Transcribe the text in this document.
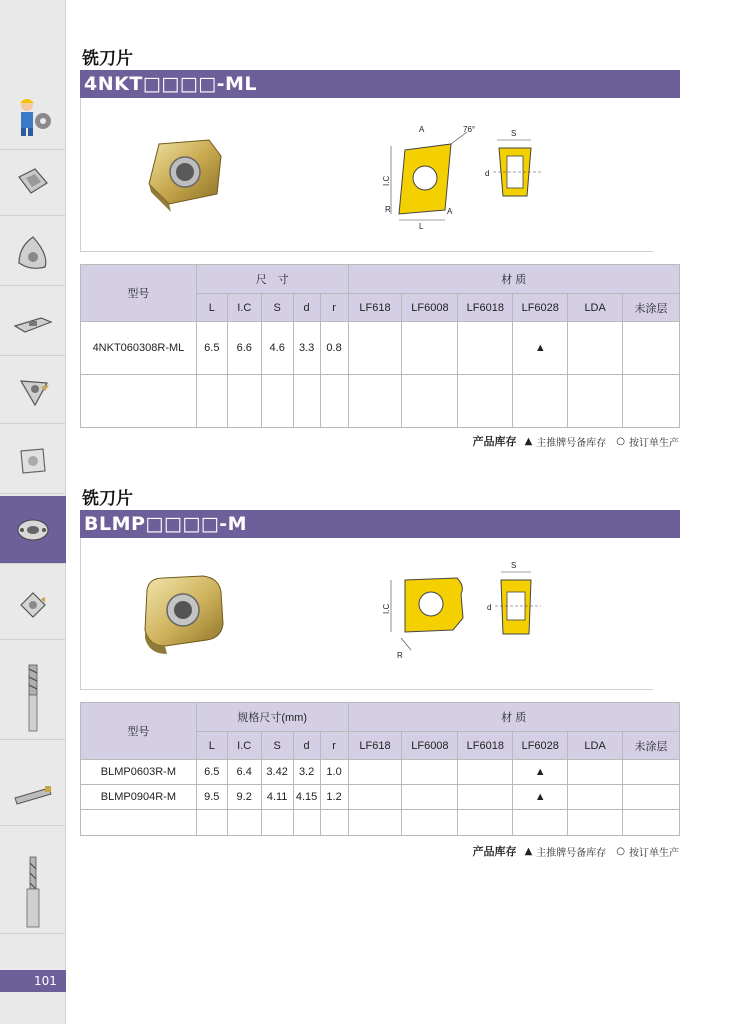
101
铣刀片
4NKT□□□□-ML
I.C
A	76°
R
L
A
S
d
型号	尺　寸					材 质					
	L	I.C	S	d	r	LF618	LF6008	LF6018	LF6028	LDA	未涂层
4NKT060308R-ML	6.5	6.6	4.6	3.3	0.8				▲		

产品库存 ▲ 主推牌号备库存 ○ 按订单生产
铣刀片
BLMP□□□□-M
I.C
R
S
d
型号	规格尺寸(mm)					材 质					
	L	I.C	S	d	r	LF618	LF6008	LF6018	LF6028	LDA	未涂层
BLMP0603R-M	6.5	6.4	3.42	3.2	1.0				▲		
BLMP0904R-M	9.5	9.2	4.11	4.15	1.2				▲		

产品库存 ▲ 主推牌号备库存 ○ 按订单生产
